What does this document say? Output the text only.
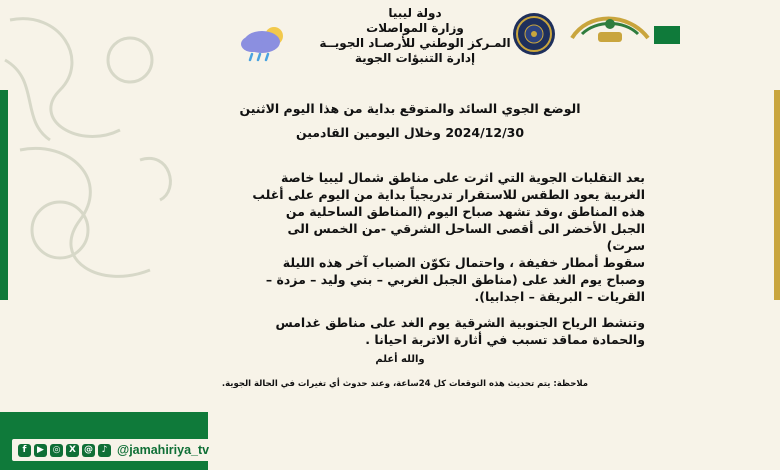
دولة ليبيا
وزارة المواصلات
المـركز الوطني للأرصـاد الجويــة
إدارة التنبؤات الجوية
الوضع الجوي السائد والمتوقع بداية من هذا اليوم الاثنين
2024/12/30 وخلال اليومين القادمين

بعد التقلبات الجوية التي اثرت على مناطق شمال ليبيا خاصة
الغربية يعود الطقس للاستقرار تدريجياً بداية من اليوم على أغلب
هذه المناطق ،وقد تشهد صباح اليوم (المناطق الساحلية من
الجبل الأخضر الى أقصى الساحل الشرقي -من الخمس الى سرت)
سقوط أمطار خفيفة ، واحتمال تكوّن الضباب آخر هذه الليلة
وصباح يوم الغد على (مناطق الجبل الغربي – بني وليد – مزدة –
القريات – البريقة – اجدابيا).

وتنشط الرياح الجنوبية الشرقية يوم الغد على مناطق غدامس
والحمادة مماقد تسبب في أثارة الاتربة احيانا .

والله أعلم
ملاحظة: يتم تحديث هذه التوقعات كل 24ساعة، وعند حدوث أي تغيرات في الحالة الجوية.
f	▶ ◎ X @ ♪ @jamahiriya_tv
